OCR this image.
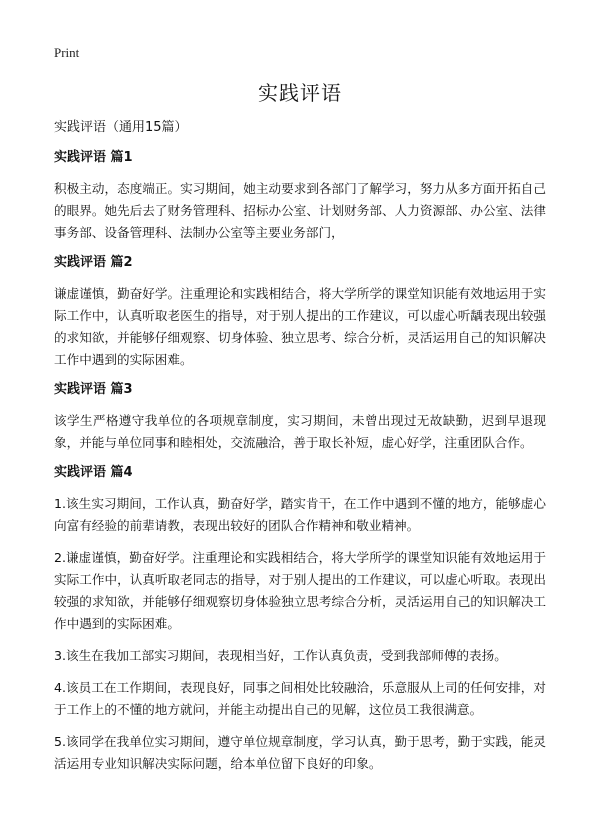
Print
实践评语

实践评语（通用15篇）

实践评语 篇1

积极主动，态度端正。实习期间，她主动要求到各部门了解学习，努力从多方面开拓自己的眼界。她先后去了财务管理科、招标办公室、计划财务部、人力资源部、办公室、法律事务部、设备管理科、法制办公室等主要业务部门，

实践评语 篇2

谦虚谨慎，勤奋好学。注重理论和实践相结合，将大学所学的课堂知识能有效地运用于实际工作中，认真听取老医生的指导，对于别人提出的工作建议，可以虚心听龋表现出较强的求知欲，并能够仔细观察、切身体验、独立思考、综合分析，灵活运用自己的知识解决工作中遇到的实际困难。

实践评语 篇3

该学生严格遵守我单位的各项规章制度，实习期间，未曾出现过无故缺勤，迟到早退现象，并能与单位同事和睦相处，交流融洽，善于取长补短，虚心好学，注重团队合作。

实践评语 篇4

1.该生实习期间，工作认真，勤奋好学，踏实肯干，在工作中遇到不懂的地方，能够虚心向富有经验的前辈请教，表现出较好的团队合作精神和敬业精神。

2.谦虚谨慎，勤奋好学。注重理论和实践相结合，将大学所学的课堂知识能有效地运用于实际工作中，认真听取老同志的指导，对于别人提出的工作建议，可以虚心听取。表现出较强的求知欲，并能够仔细观察切身体验独立思考综合分析，灵活运用自己的知识解决工作中遇到的实际困难。

3.该生在我加工部实习期间，表现相当好，工作认真负责，受到我部师傅的表扬。

4.该员工在工作期间，表现良好，同事之间相处比较融洽，乐意服从上司的任何安排，对于工作上的不懂的地方就问，并能主动提出自己的见解，这位员工我很满意。

5.该同学在我单位实习期间，遵守单位规章制度，学习认真，勤于思考，勤于实践，能灵活运用专业知识解决实际问题，给本单位留下良好的印象。
